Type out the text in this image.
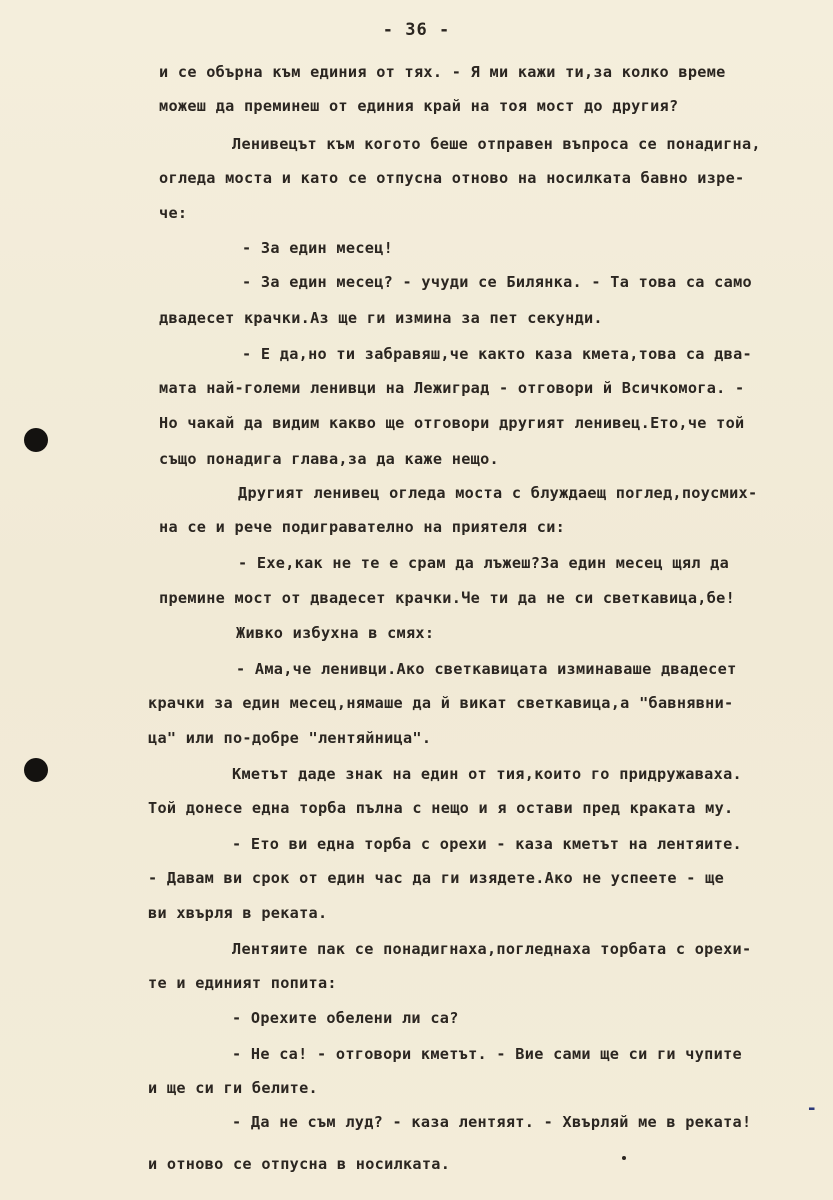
- 36 -
и се обърна към единия от тях. - Я ми кажи ти,за колко време
можеш да преминеш от единия край на тоя мост до другия?
Ленивецът към когото беше отправен въпроса се понадигна,
огледа моста и като се отпусна отново на носилката бавно изре-
че:
- За един месец!
- За един месец? - учуди се Билянка. - Та това са само
двадесет крачки.Аз ще ги измина за пет секунди.
- Е да,но ти забравяш,че както каза кмета,това са два-
мата най-големи ленивци на Лежиград - отговори й Всичкомога. -
Но чакай да видим какво ще отговори другият ленивец.Ето,че той
също понадига глава,за да каже нещо.
Другият ленивец огледа моста с блуждаещ поглед,поусмих-
на се и рече подигравателно на приятеля си:
- Ехе,как не те е срам да лъжеш?За един месец щял да
премине мост от двадесет крачки.Че ти да не си светкавица,бе!
Живко избухна в смях:
- Ама,че ленивци.Ако светкавицата изминаваше двадесет
крачки за един месец,нямаше да й викат светкавица,а "бавнявни-
ца" или по-добре "лентяйница".
Кметът даде знак на един от тия,които го придружаваха.
Той донесе една торба пълна с нещо и я остави пред краката му.
- Ето ви една торба с орехи - каза кметът на лентяите.
- Давам ви срок от един час да ги изядете.Ако не успеете - ще
ви хвърля в реката.
Лентяите пак се понадигнаха,погледнаха торбата с орехи-
те и единият попита:
- Орехите обелени ли са?
- Не са! - отговори кметът. - Вие сами ще си ги чупите
и ще си ги белите.
- Да не съм луд? - каза лентяят. - Хвърляй ме в реката!
и отново се отпусна в носилката.
-
